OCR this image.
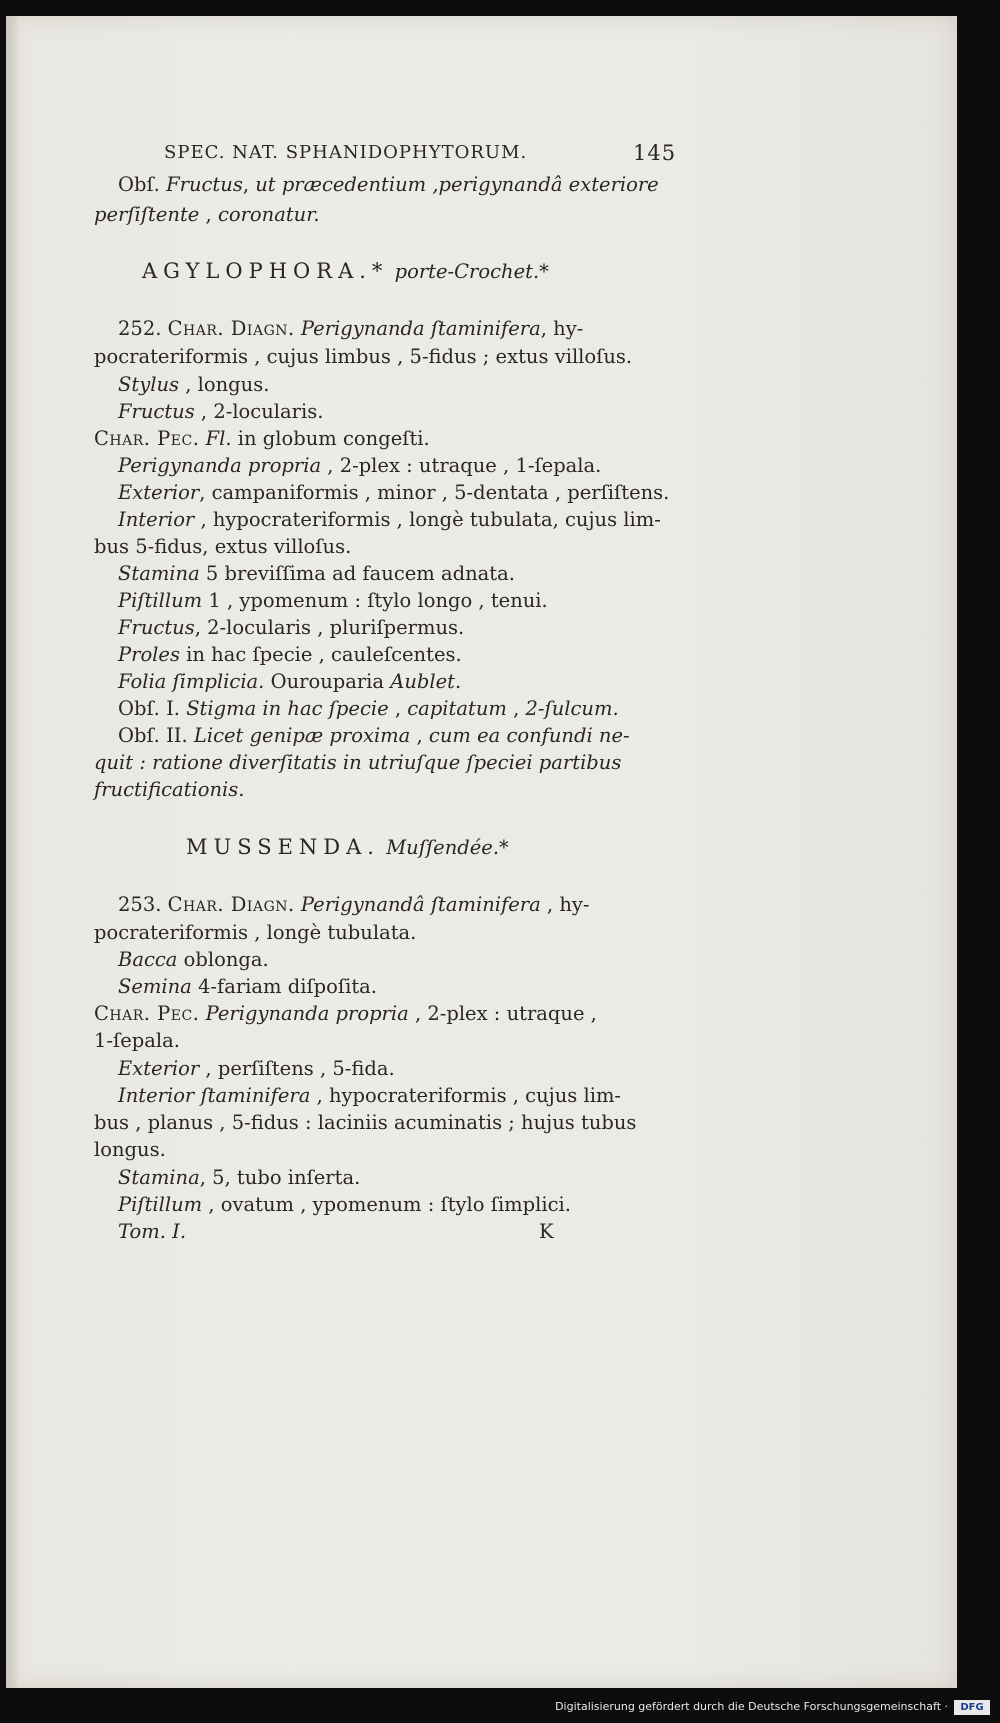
SPEC. NAT. SPHANIDOPHYTORUM.	145
Obſ. Fructus, ut præcedentium ,perigynandâ exteriore
perſiſtente , coronatur.
AGYLOPHORA.* porte-Crochet.*
252. Char. Diagn. Perigynanda ſtaminifera, hy-
pocrateriformis , cujus limbus , 5-fidus ; extus villoſus.
Stylus , longus.
Fructus , 2-locularis.
Char. Pec. Fl. in globum congeſti.
Perigynanda propria , 2-plex : utraque , 1-ſepala.
Exterior, campaniformis , minor , 5-dentata , perſiſtens.
Interior , hypocrateriformis , longè tubulata, cujus lim-
bus 5-fidus, extus villoſus.
Stamina 5 breviſſima ad faucem adnata.
Piſtillum 1 , ypomenum : ſtylo longo , tenui.
Fructus, 2-locularis , pluriſpermus.
Proles in hac ſpecie , cauleſcentes.
Folia ſimplicia. Ourouparia Aublet.
Obſ. I. Stigma in hac ſpecie , capitatum , 2-ſulcum.
Obſ. II. Licet genipæ proxima , cum ea confundi ne-
quit : ratione diverſitatis in utriuſque ſpeciei partibus
fructificationis.
MUSSENDA. Muſſendée.*
253. Char. Diagn. Perigynandâ ſtaminifera , hy-
pocrateriformis , longè tubulata.
Bacca oblonga.
Semina 4-fariam diſpoſita.
Char. Pec. Perigynanda propria , 2-plex : utraque ,
1-ſepala.
Exterior , perſiſtens , 5-fida.
Interior ſtaminifera , hypocrateriformis , cujus lim-
bus , planus , 5-fidus : laciniis acuminatis ; hujus tubus
longus.
Stamina, 5, tubo inſerta.
Piſtillum , ovatum , ypomenum : ſtylo ſimplici.
Tom. I.	K
Digitalisierung gefördert durch die Deutsche Forschungsgemeinschaft ·	DFG
